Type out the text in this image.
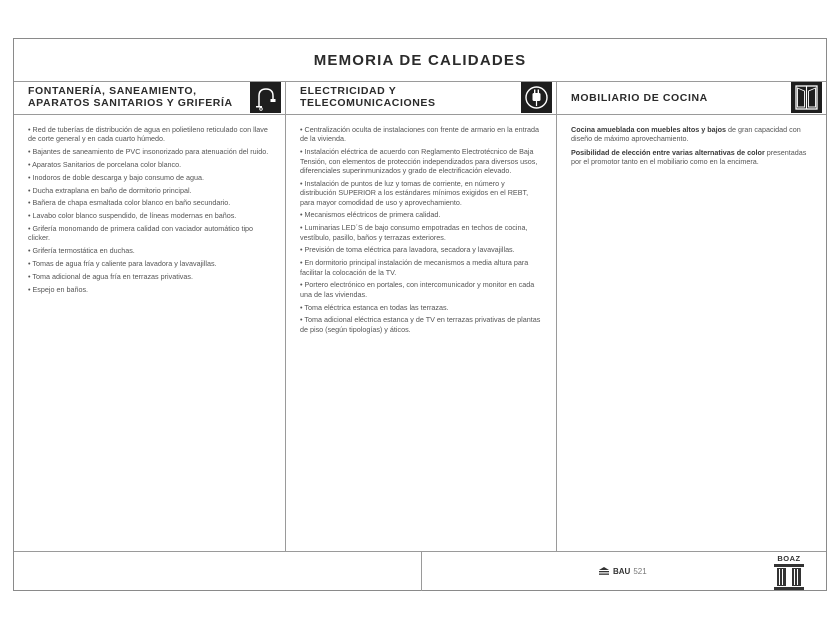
MEMORIA DE CALIDADES
FONTANERÍA, SANEAMIENTO, APARATOS SANITARIOS Y GRIFERÍA
• Red de tuberías de distribución de agua en polietileno reticulado con llave de corte general y en cada cuarto húmedo.
• Bajantes de saneamiento de PVC insonorizado para atenuación del ruido.
• Aparatos Sanitarios de porcelana color blanco.
• Inodoros de doble descarga y bajo consumo de agua.
• Ducha extraplana en baño de dormitorio principal.
• Bañera de chapa esmaltada color blanco en baño secundario.
• Lavabo color blanco suspendido, de líneas modernas en baños.
• Grifería monomando de primera calidad con vaciador automático tipo clicker.
• Grifería termostática en duchas.
• Tomas de agua fría y caliente para lavadora y lavavajillas.
• Toma adicional de agua fría en terrazas privativas.
• Espejo en baños.
ELECTRICIDAD Y TELECOMUNICACIONES
• Centralización oculta de instalaciones con frente de armario en la entrada de la vivienda.
• Instalación eléctrica de acuerdo con Reglamento Electrotécnico de Baja Tensión, con elementos de protección independizados para diversos usos, diferenciales superinmunizados y grado de electrificación elevado.
• Instalación de puntos de luz y tomas de corriente, en número y distribución SUPERIOR a los estándares mínimos exigidos en el REBT, para mayor comodidad de uso y aprovechamiento.
• Mecanismos eléctricos de primera calidad.
• Luminarias LED´S de bajo consumo empotradas en techos de cocina, vestíbulo, pasillo, baños y terrazas exteriores.
• Previsión de toma eléctrica para lavadora, secadora y lavavajillas.
• En dormitorio principal instalación de mecanismos a media altura para facilitar la colocación de la TV.
• Portero electrónico en portales, con intercomunicador y monitor en cada una de las viviendas.
• Toma eléctrica estanca en todas las terrazas.
• Toma adicional eléctrica estanca y de TV en terrazas privativas de plantas de piso (según tipologías) y áticos.
MOBILIARIO DE COCINA
Cocina amueblada con muebles altos y bajos de gran capacidad con diseño de máximo aprovechamiento.
Posibilidad de elección entre varias alternativas de color presentadas por el promotor tanto en el mobiliario como en la encimera.
BAU 521
BOAZ
